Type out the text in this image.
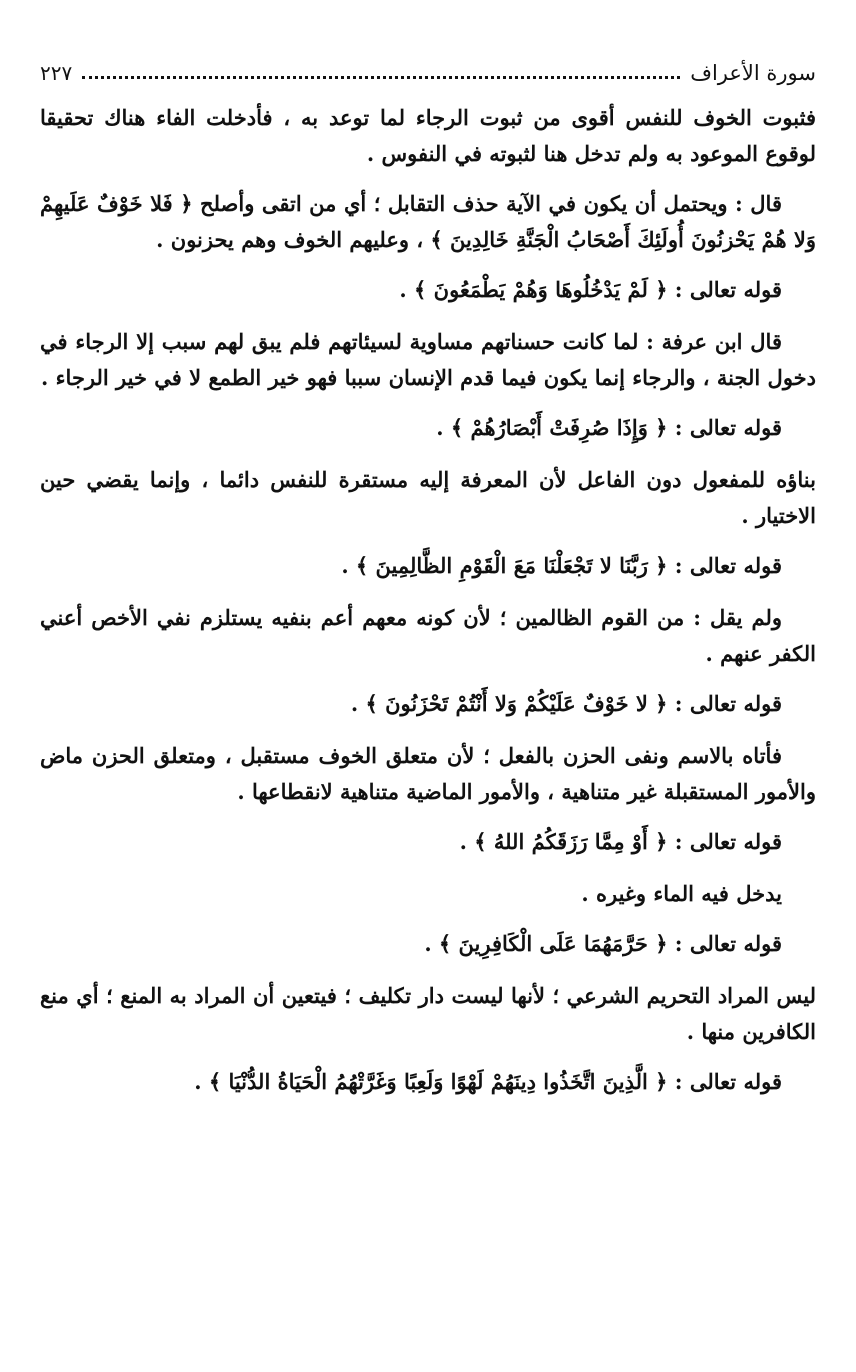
سورة الأعراف
٢٢٧

فثبوت الخوف للنفس أقوى من ثبوت الرجاء لما توعد به ، فأدخلت الفاء هناك تحقيقا لوقوع الموعود به ولم تدخل هنا لثبوته في النفوس .

قال : ويحتمل أن يكون في الآية حذف التقابل ؛ أي من اتقى وأصلح ﴿ فَلا خَوْفٌ عَلَيهِمْ وَلا هُمْ يَحْزنُونَ أُولَئِكَ أَصْحَابُ الْجَنَّةِ خَالِدِينَ ﴾ ، وعليهم الخوف وهم يحزنون .

قوله تعالى : ﴿ لَمْ يَدْخُلُوهَا وَهُمْ يَطْمَعُونَ ﴾ .

قال ابن عرفة : لما كانت حسناتهم مساوية لسيئاتهم فلم يبق لهم سبب إلا الرجاء في دخول الجنة ، والرجاء إنما يكون فيما قدم الإنسان سببا فهو خير الطمع لا في خير الرجاء .

قوله تعالى : ﴿ وَإِذَا صُرِفَتْ أَبْصَارُهُمْ ﴾ .

بناؤه للمفعول دون الفاعل لأن المعرفة إليه مستقرة للنفس دائما ، وإنما يقضي حين الاختيار .

قوله تعالى : ﴿ رَبَّنَا لا تَجْعَلْنَا مَعَ الْقَوْمِ الظَّالِمِينَ ﴾ .

ولم يقل : من القوم الظالمين ؛ لأن كونه معهم أعم بنفيه يستلزم نفي الأخص أعني الكفر عنهم .

قوله تعالى : ﴿ لا خَوْفٌ عَلَيْكُمْ وَلا أَنْتُمْ تَحْزَنُونَ ﴾ .

فأتاه بالاسم ونفى الحزن بالفعل ؛ لأن متعلق الخوف مستقبل ، ومتعلق الحزن ماض والأمور المستقبلة غير متناهية ، والأمور الماضية متناهية لانقطاعها .

قوله تعالى : ﴿ أَوْ مِمَّا رَزَقَكُمُ اللهُ ﴾ .

يدخل فيه الماء وغيره .

قوله تعالى : ﴿ حَرَّمَهُمَا عَلَى الْكَافِرِينَ ﴾ .

ليس المراد التحريم الشرعي ؛ لأنها ليست دار تكليف ؛ فيتعين أن المراد به المنع ؛ أي منع الكافرين منها .

قوله تعالى : ﴿ الَّذِينَ اتَّخَذُوا دِينَهُمْ لَهْوًا وَلَعِبًا وَغَرَّتْهُمُ الْحَيَاةُ الدُّنْيَا ﴾ .
